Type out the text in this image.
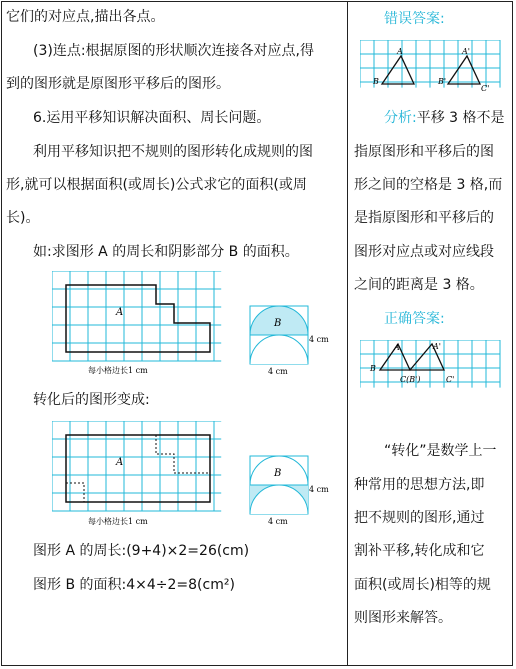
它们的对应点,描出各点。
(3)连点:根据原图的形状顺次连接各对应点,得
到的图形就是原图形平移后的图形。
6.运用平移知识解决面积、周长问题。
利用平移知识把不规则的图形转化成规则的图
形,就可以根据面积(或周长)公式求它的面积(或周
长)。
如:求图形 A 的周长和阴影部分 B 的面积。
转化后的图形变成:
图形 A 的周长:(9+4)×2=26(cm)
图形 B 的面积:4×4÷2=8(cm²)
A
每小格边长1 cm
B
4 cm
4 cm
A
每小格边长1 cm
B
4 cm
4 cm
错误答案:
A
B
A'
B'
C'
分析:平移 3 格不是
指原图形和平移后的图
形之间的空格是 3 格,而
是指原图形和平移后的
图形对应点或对应线段
之间的距离是 3 格。
正确答案:
A
B
A'
C(B')	C'
“转化”是数学上一
种常用的思想方法,即
把不规则的图形,通过
割补平移,转化成和它
面积(或周长)相等的规
则图形来解答。
